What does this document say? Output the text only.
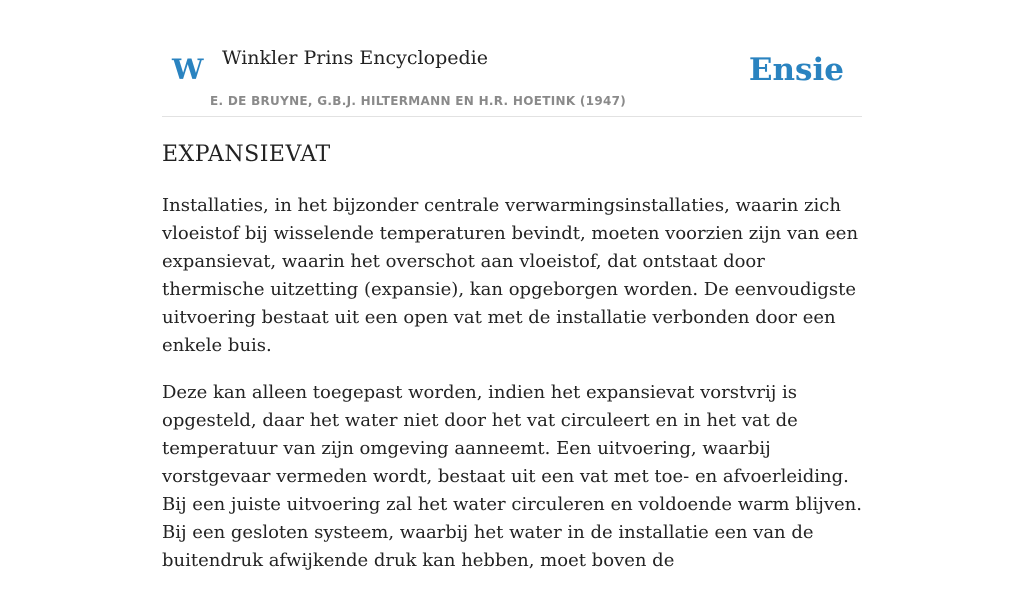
W Winkler Prins Encyclopedie
E. DE BRUYNE, G.B.J. HILTERMANN EN H.R. HOETINK (1947)
Ensie
EXPANSIEVAT

Installaties, in het bijzonder centrale verwarmingsinstallaties, waarin zich vloeistof bij wisselende temperaturen bevindt, moeten voorzien zijn van een expansievat, waarin het overschot aan vloeistof, dat ontstaat door thermische uitzetting (expansie), kan opgeborgen worden. De eenvoudigste uitvoering bestaat uit een open vat met de installatie verbonden door een enkele buis.

Deze kan alleen toegepast worden, indien het expansievat vorstvrij is opgesteld, daar het water niet door het vat circuleert en in het vat de temperatuur van zijn omgeving aanneemt. Een uitvoering, waarbij vorstgevaar vermeden wordt, bestaat uit een vat met toe- en afvoerleiding. Bij een juiste uitvoering zal het water circuleren en voldoende warm blijven. Bij een gesloten systeem, waarbij het water in de installatie een van de buitendruk afwijkende druk kan hebben, moet boven de
